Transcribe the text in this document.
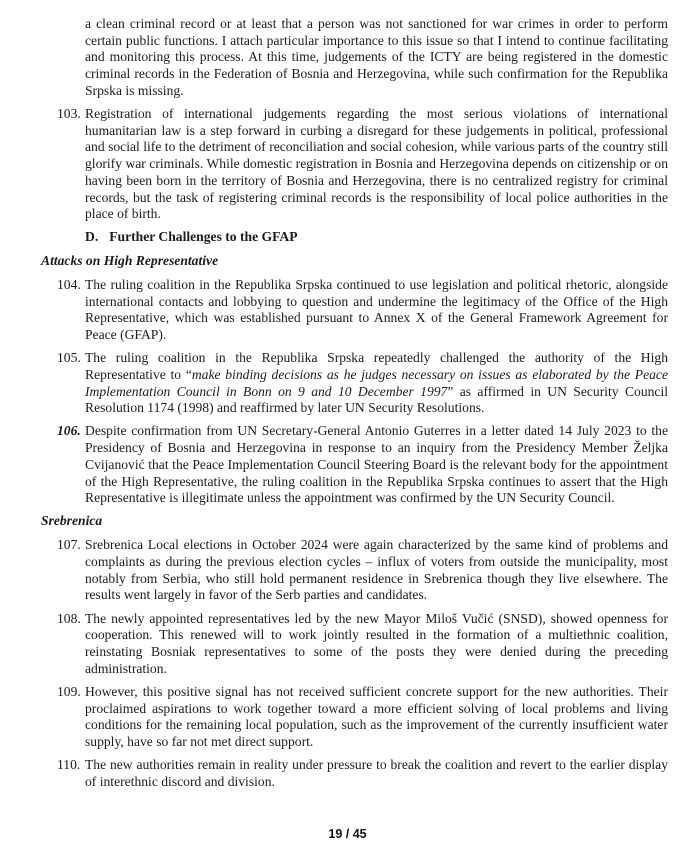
a clean criminal record or at least that a person was not sanctioned for war crimes in order to perform certain public functions. I attach particular importance to this issue so that I intend to continue facilitating and monitoring this process. At this time, judgements of the ICTY are being registered in the domestic criminal records in the Federation of Bosnia and Herzegovina, while such confirmation for the Republika Srpska is missing.
103. Registration of international judgements regarding the most serious violations of international humanitarian law is a step forward in curbing a disregard for these judgements in political, professional and social life to the detriment of reconciliation and social cohesion, while various parts of the country still glorify war criminals. While domestic registration in Bosnia and Herzegovina depends on citizenship or on having been born in the territory of Bosnia and Herzegovina, there is no centralized registry for criminal records, but the task of registering criminal records is the responsibility of local police authorities in the place of birth.
D. Further Challenges to the GFAP
Attacks on High Representative
104. The ruling coalition in the Republika Srpska continued to use legislation and political rhetoric, alongside international contacts and lobbying to question and undermine the legitimacy of the Office of the High Representative, which was established pursuant to Annex X of the General Framework Agreement for Peace (GFAP).
105. The ruling coalition in the Republika Srpska repeatedly challenged the authority of the High Representative to “make binding decisions as he judges necessary on issues as elaborated by the Peace Implementation Council in Bonn on 9 and 10 December 1997” as affirmed in UN Security Council Resolution 1174 (1998) and reaffirmed by later UN Security Resolutions.
106. Despite confirmation from UN Secretary-General Antonio Guterres in a letter dated 14 July 2023 to the Presidency of Bosnia and Herzegovina in response to an inquiry from the Presidency Member Željka Cvijanović that the Peace Implementation Council Steering Board is the relevant body for the appointment of the High Representative, the ruling coalition in the Republika Srpska continues to assert that the High Representative is illegitimate unless the appointment was confirmed by the UN Security Council.
Srebrenica
107. Srebrenica Local elections in October 2024 were again characterized by the same kind of problems and complaints as during the previous election cycles – influx of voters from outside the municipality, most notably from Serbia, who still hold permanent residence in Srebrenica though they live elsewhere. The results went largely in favor of the Serb parties and candidates.
108. The newly appointed representatives led by the new Mayor Miloš Vučić (SNSD), showed openness for cooperation. This renewed will to work jointly resulted in the formation of a multiethnic coalition, reinstating Bosniak representatives to some of the posts they were denied during the preceding administration.
109. However, this positive signal has not received sufficient concrete support for the new authorities. Their proclaimed aspirations to work together toward a more efficient solving of local problems and living conditions for the remaining local population, such as the improvement of the currently insufficient water supply, have so far not met direct support.
110. The new authorities remain in reality under pressure to break the coalition and revert to the earlier display of interethnic discord and division.
19 / 45
